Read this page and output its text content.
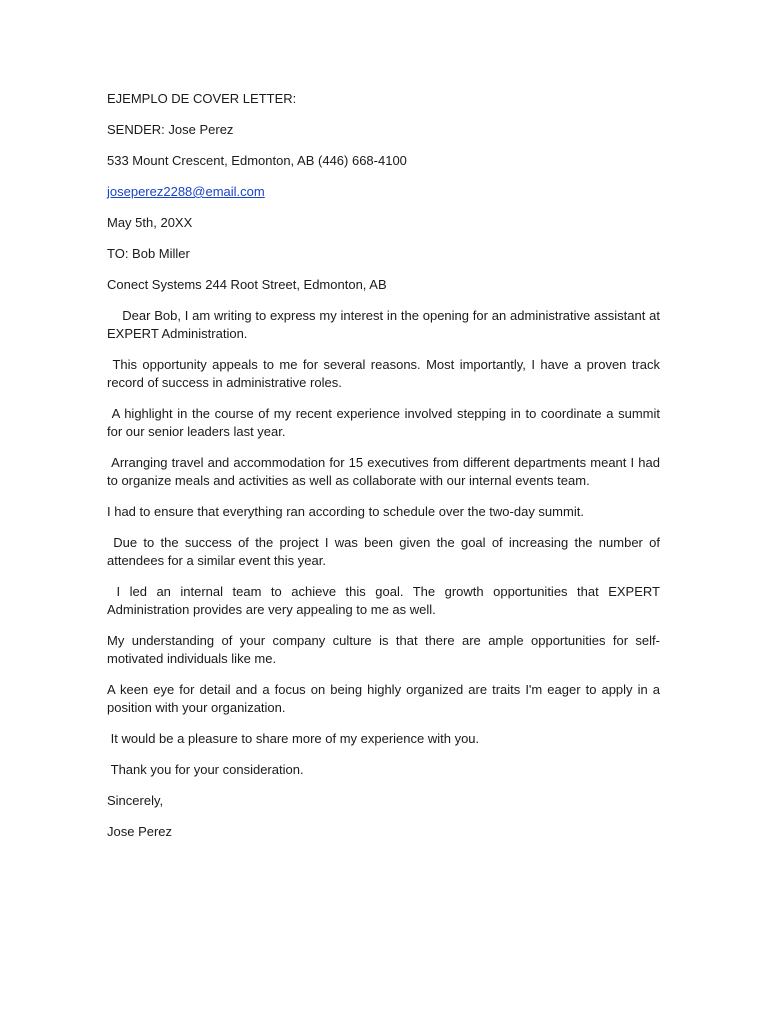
EJEMPLO DE COVER LETTER:
SENDER: Jose Perez
533 Mount Crescent, Edmonton, AB (446) 668-4100
joseperez2288@email.com
May 5th, 20XX
TO: Bob Miller
Conect Systems 244 Root Street, Edmonton, AB
Dear Bob, I am writing to express my interest in the opening for an administrative assistant at EXPERT Administration.
This opportunity appeals to me for several reasons. Most importantly, I have a proven track record of success in administrative roles.
A highlight in the course of my recent experience involved stepping in to coordinate a summit for our senior leaders last year.
Arranging travel and accommodation for 15 executives from different departments meant I had to organize meals and activities as well as collaborate with our internal events team.
I had to ensure that everything ran according to schedule over the two-day summit.
Due to the success of the project I was been given the goal of increasing the number of attendees for a similar event this year.
I led an internal team to achieve this goal. The growth opportunities that EXPERT Administration provides are very appealing to me as well.
My understanding of your company culture is that there are ample opportunities for self-motivated individuals like me.
A keen eye for detail and a focus on being highly organized are traits I'm eager to apply in a position with your organization.
It would be a pleasure to share more of my experience with you.
Thank you for your consideration.
Sincerely,
Jose Perez
